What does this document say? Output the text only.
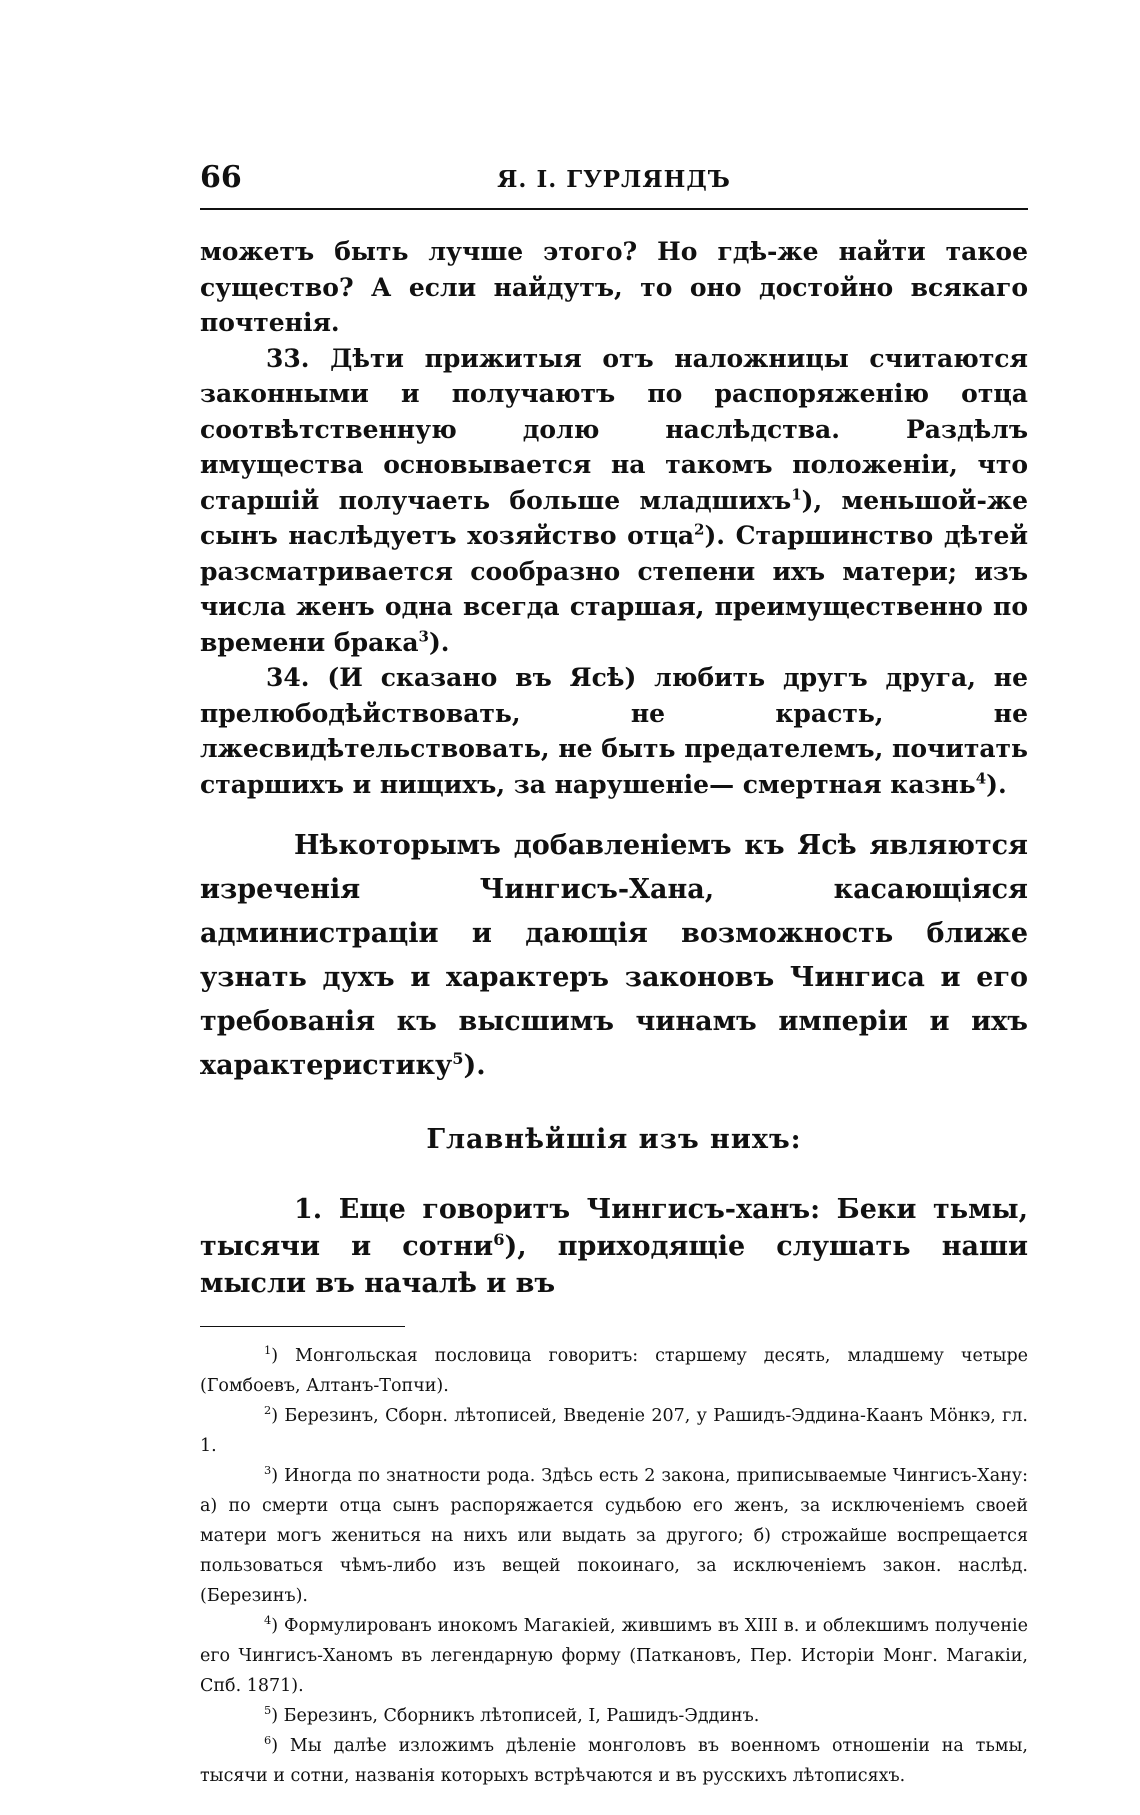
66	Я. І. ГУРЛЯНДЪ

можетъ быть лучше этого? Но гдѣ-же найти такое существо? А если найдутъ, то оно достойно всякаго почтенія.

33. Дѣти прижитыя отъ наложницы считаются законными и получаютъ по распоряженію отца соотвѣтственную долю наслѣдства. Раздѣлъ имущества основывается на такомъ положеніи, что старшій получаеть больше младшихъ$^1$), меньшой-же сынъ наслѣдуетъ хозяйство отца$^2$). Старшинство дѣтей разсматривается сообразно степени ихъ матери; изъ числа женъ одна всегда старшая, преимущественно по времени брака$^3$).

34. (И сказано въ Ясѣ) любить другъ друга, не прелюбодѣйствовать, не красть, не лжесвидѣтельствовать, не быть предателемъ, почитать старшихъ и нищихъ, за нарушеніе— смертная казнь$^4$).

Нѣкоторымъ добавленіемъ къ Ясѣ являются изреченія Чингисъ-Хана, касающіяся администраціи и дающія возможность ближе узнать духъ и характеръ законовъ Чингиса и его требованія къ высшимъ чинамъ имперіи и ихъ характеристику$^5$).
Главнѣйшія изъ нихъ:
1. Еще говоритъ Чингисъ-ханъ: Беки тьмы, тысячи и сотни$^6$), приходящіе слушать наши мысли въ началѣ и въ

$^1$) Монгольская пословица говоритъ: старшему десять, младшему четыре (Гомбоевъ, Алтанъ-Топчи).

$^2$) Березинъ, Сборн. лѣтописей, Введеніе 207, у Рашидъ-Эддина-Каанъ Мöнкэ, гл. 1.

$^3$) Иногда по знатности рода. Здѣсь есть 2 закона, приписываемые Чингисъ-Хану: а) по смерти отца сынъ распоряжается судьбою его женъ, за исключеніемъ своей матери могъ жениться на нихъ или выдать за другого; б) строжайше воспрещается пользоваться чѣмъ-либо изъ вещей покоинаго, за исключеніемъ закон. наслѣд. (Березинъ).

$^4$) Формулированъ инокомъ Магакіей, жившимъ въ XIII в. и облекшимъ полученіе его Чингисъ-Ханомъ въ легендарную форму (Паткановъ, Пер. Исторіи Монг. Магакіи, Спб. 1871).

$^5$) Березинъ, Сборникъ лѣтописей, I, Рашидъ-Эддинъ.

$^6$) Мы далѣе изложимъ дѣленіе монголовъ въ военномъ отношеніи на тьмы, тысячи и сотни, названія которыхъ встрѣчаются и въ русскихъ лѣтописяхъ.
